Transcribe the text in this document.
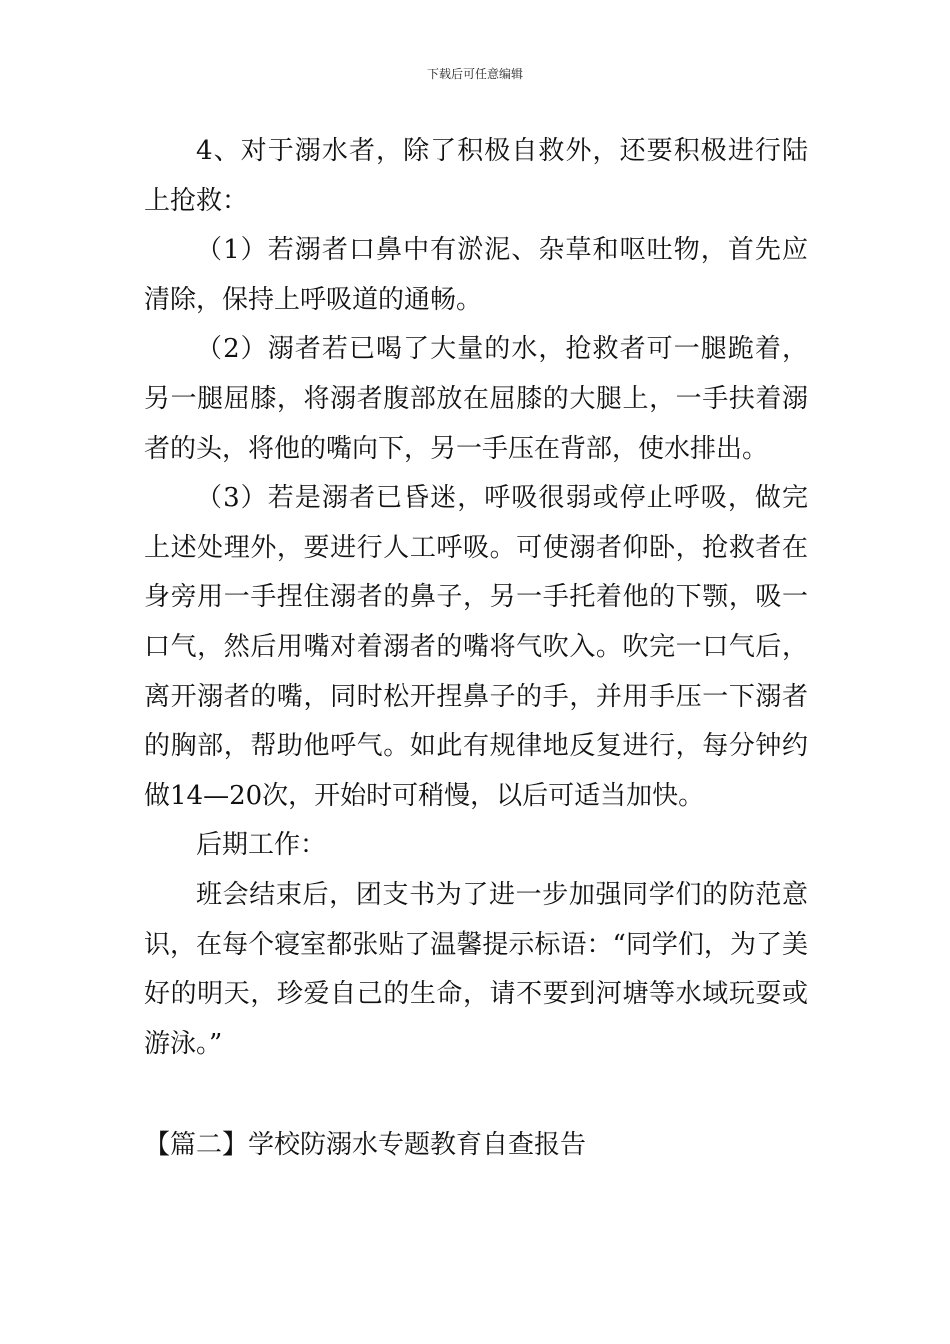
下载后可任意编辑

4、对于溺水者，除了积极自救外，还要积极进行陆上抢救：

（1）若溺者口鼻中有淤泥、杂草和呕吐物，首先应清除，保持上呼吸道的通畅。

（2）溺者若已喝了大量的水，抢救者可一腿跪着，另一腿屈膝，将溺者腹部放在屈膝的大腿上，一手扶着溺者的头，将他的嘴向下，另一手压在背部，使水排出。

（3）若是溺者已昏迷，呼吸很弱或停止呼吸，做完上述处理外，要进行人工呼吸。可使溺者仰卧，抢救者在身旁用一手捏住溺者的鼻子，另一手托着他的下颚，吸一口气，然后用嘴对着溺者的嘴将气吹入。吹完一口气后，离开溺者的嘴，同时松开捏鼻子的手，并用手压一下溺者的胸部，帮助他呼气。如此有规律地反复进行，每分钟约做14—20次，开始时可稍慢，以后可适当加快。

后期工作：

班会结束后，团支书为了进一步加强同学们的防范意识，在每个寝室都张贴了温馨提示标语：“同学们，为了美好的明天，珍爱自己的生命，请不要到河塘等水域玩耍或游泳。”

【篇二】学校防溺水专题教育自查报告
